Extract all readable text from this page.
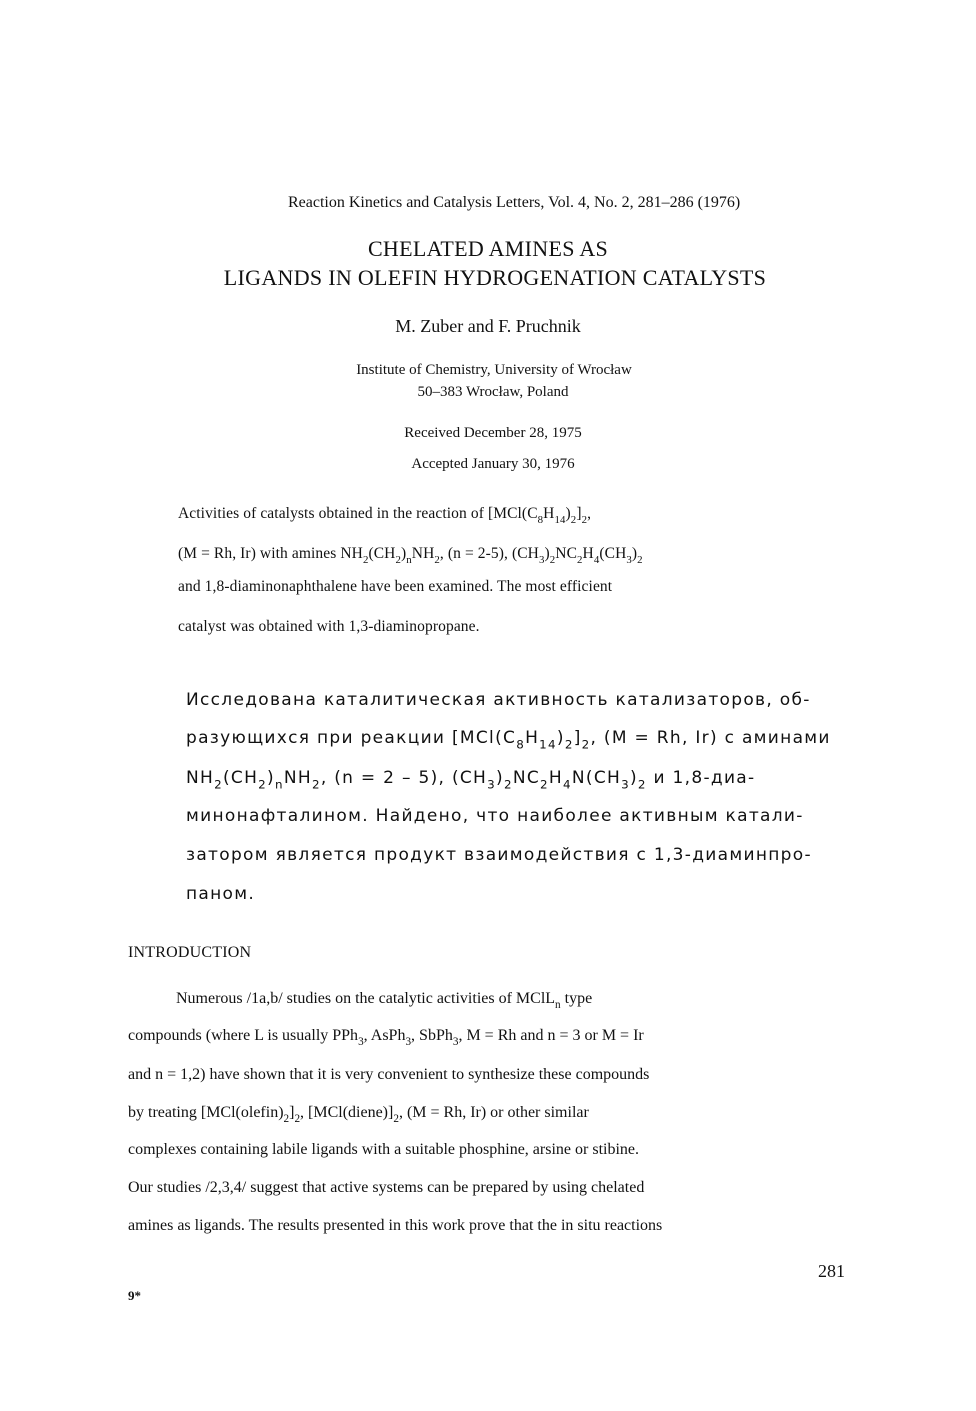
Reaction Kinetics and Catalysis Letters, Vol. 4, No. 2, 281–286 (1976)
CHELATED AMINES AS
LIGANDS IN OLEFIN HYDROGENATION CATALYSTS
M. Zuber and F. Pruchnik
Institute of Chemistry, University of Wrocław
50–383 Wrocław, Poland
Received December 28, 1975
Accepted January 30, 1976
Activities of catalysts obtained in the reaction of $[MCl(C_8H_{14})_2]_2$,
(M = Rh, Ir) with amines $NH_2(CH_2)_nNH_2$, (n = 2-5), $(CH_3)_2NC_2H_4(CH_3)_2$
and 1,8-diaminonaphthalene have been examined. The most efficient
catalyst was obtained with 1,3-diaminopropane.
Исследована каталитическая активность катализаторов, об-
разующихся при реакции $[MCl(C_8H_{14})_2]_2$, (M = Rh, Ir) с аминами
$NH_2(CH_2)_nNH_2$, (n = 2 – 5), $(CH_3)_2NC_2H_4N(CH_3)_2$ и 1,8-диа-
минонафталином. Найдено, что наиболее активным катали-
затором является продукт взаимодействия с 1,3-диаминпро-
паном.
INTRODUCTION
Numerous /1a,b/ studies on the catalytic activities of MClL$_n$ type
compounds (where L is usually PPh$_3$, AsPh$_3$, SbPh$_3$, M = Rh and n = 3 or M = Ir
and n = 1,2) have shown that it is very convenient to synthesize these compounds
by treating $[MCl(olefin)_2]_2$, $[MCl(diene)]_2$, (M = Rh, Ir) or other similar
complexes containing labile ligands with a suitable phosphine, arsine or stibine.
Our studies /2,3,4/ suggest that active systems can be prepared by using chelated
amines as ligands. The results presented in this work prove that the in situ reactions
281
9*
